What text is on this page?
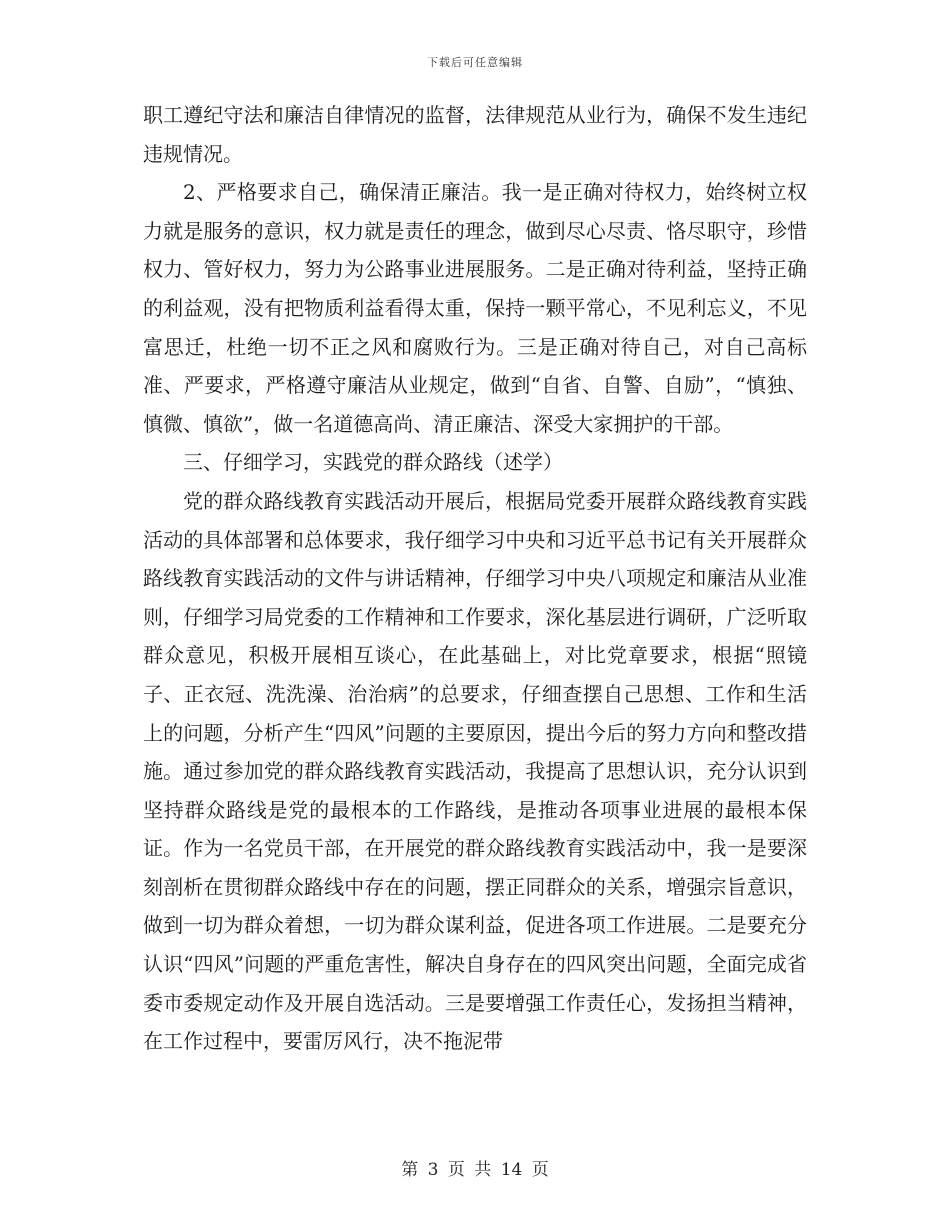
下载后可任意编辑

职工遵纪守法和廉洁自律情况的监督，法律规范从业行为，确保不发生违纪违规情况。

2、严格要求自己，确保清正廉洁。我一是正确对待权力，始终树立权力就是服务的意识，权力就是责任的理念，做到尽心尽责、恪尽职守，珍惜权力、管好权力，努力为公路事业进展服务。二是正确对待利益，坚持正确的利益观，没有把物质利益看得太重，保持一颗平常心，不见利忘义，不见富思迁，杜绝一切不正之风和腐败行为。三是正确对待自己，对自己高标准、严要求，严格遵守廉洁从业规定，做到“自省、自警、自励”，“慎独、慎微、慎欲”，做一名道德高尚、清正廉洁、深受大家拥护的干部。

三、仔细学习，实践党的群众路线（述学）

党的群众路线教育实践活动开展后，根据局党委开展群众路线教育实践活动的具体部署和总体要求，我仔细学习中央和习近平总书记有关开展群众路线教育实践活动的文件与讲话精神，仔细学习中央八项规定和廉洁从业准则，仔细学习局党委的工作精神和工作要求，深化基层进行调研，广泛听取群众意见，积极开展相互谈心，在此基础上，对比党章要求，根据“照镜子、正衣冠、洗洗澡、治治病”的总要求，仔细查摆自己思想、工作和生活上的问题，分析产生“四风”问题的主要原因，提出今后的努力方向和整改措施。通过参加党的群众路线教育实践活动，我提高了思想认识，充分认识到坚持群众路线是党的最根本的工作路线，是推动各项事业进展的最根本保证。作为一名党员干部，在开展党的群众路线教育实践活动中，我一是要深刻剖析在贯彻群众路线中存在的问题，摆正同群众的关系，增强宗旨意识，做到一切为群众着想，一切为群众谋利益，促进各项工作进展。二是要充分认识“四风”问题的严重危害性，解决自身存在的四风突出问题，全面完成省委市委规定动作及开展自选活动。三是要增强工作责任心，发扬担当精神，在工作过程中，要雷厉风行，决不拖泥带

第 3 页 共 14 页
